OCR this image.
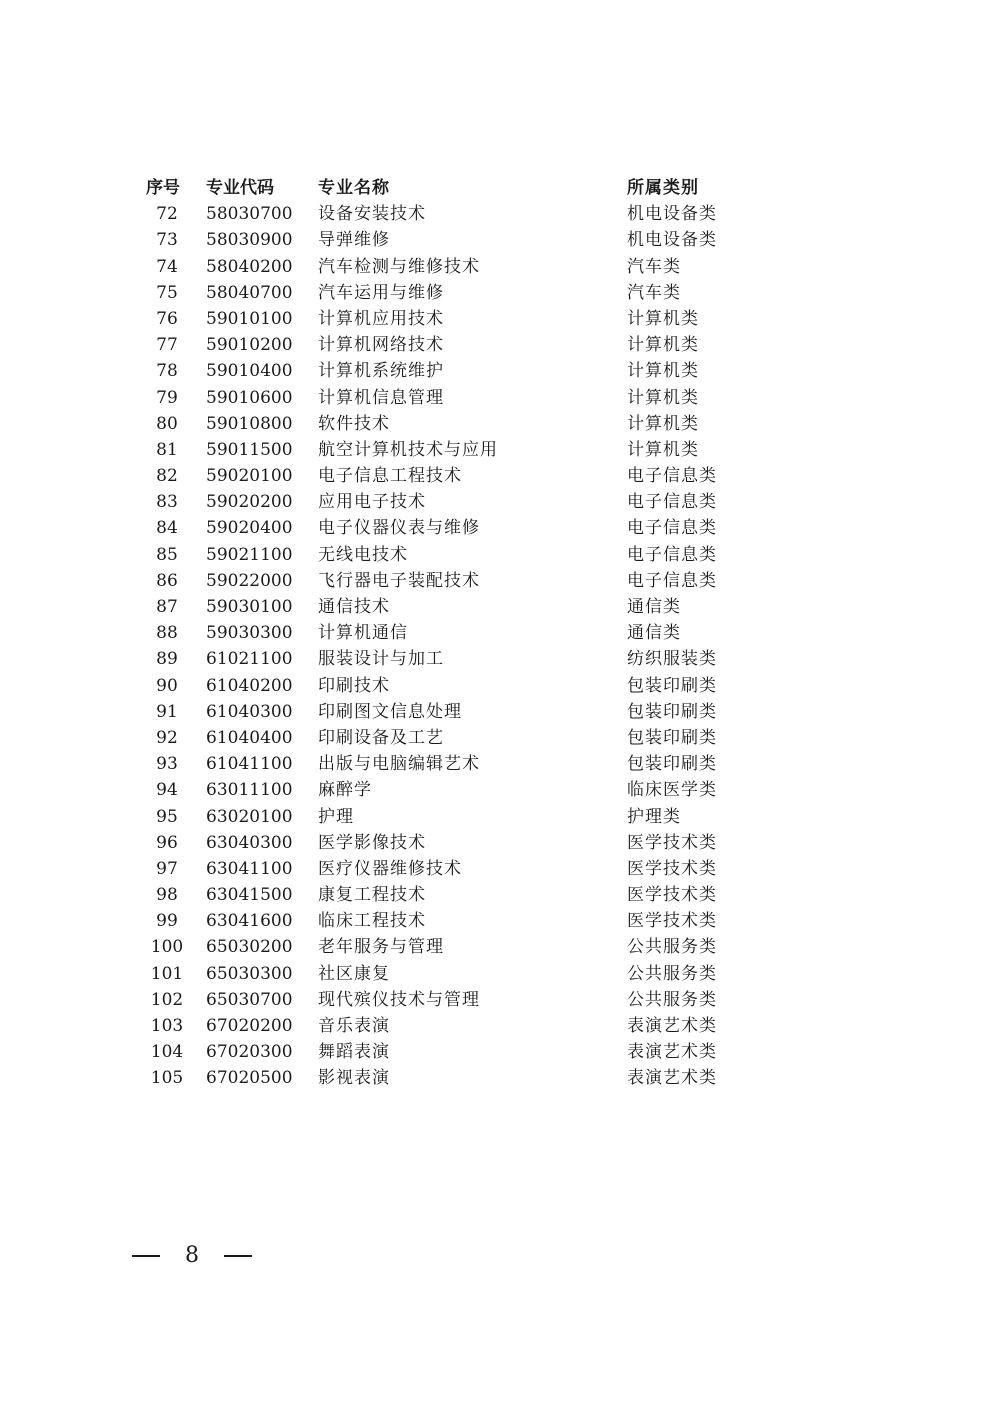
序号	专业代码	专业名称	所属类别
72	58030700 设备安装技术	机电设备类
73	58030900 导弹维修	机电设备类
74	58040200 汽车检测与维修技术	汽车类
75	58040700 汽车运用与维修	汽车类
76	59010100 计算机应用技术	计算机类
77	59010200 计算机网络技术	计算机类
78	59010400 计算机系统维护	计算机类
79	59010600 计算机信息管理	计算机类
80	59010800 软件技术	计算机类
81	59011500 航空计算机技术与应用	计算机类
82	59020100 电子信息工程技术	电子信息类
83	59020200 应用电子技术	电子信息类
84	59020400 电子仪器仪表与维修	电子信息类
85	59021100 无线电技术	电子信息类
86	59022000 飞行器电子装配技术	电子信息类
87	59030100 通信技术	通信类
88	59030300 计算机通信	通信类
89	61021100 服装设计与加工	纺织服装类
90	61040200 印刷技术	包装印刷类
91	61040300 印刷图文信息处理	包装印刷类
92	61040400 印刷设备及工艺	包装印刷类
93	61041100 出版与电脑编辑艺术	包装印刷类
94	63011100 麻醉学	临床医学类
95	63020100 护理	护理类
96	63040300 医学影像技术	医学技术类
97	63041100 医疗仪器维修技术	医学技术类
98	63041500 康复工程技术	医学技术类
99	63041600 临床工程技术	医学技术类
100 65030200 老年服务与管理	公共服务类
101 65030300 社区康复	公共服务类
102 65030700 现代殡仪技术与管理	公共服务类
103 67020200 音乐表演	表演艺术类
104 67020300 舞蹈表演	表演艺术类
105 67020500 影视表演	表演艺术类
8
